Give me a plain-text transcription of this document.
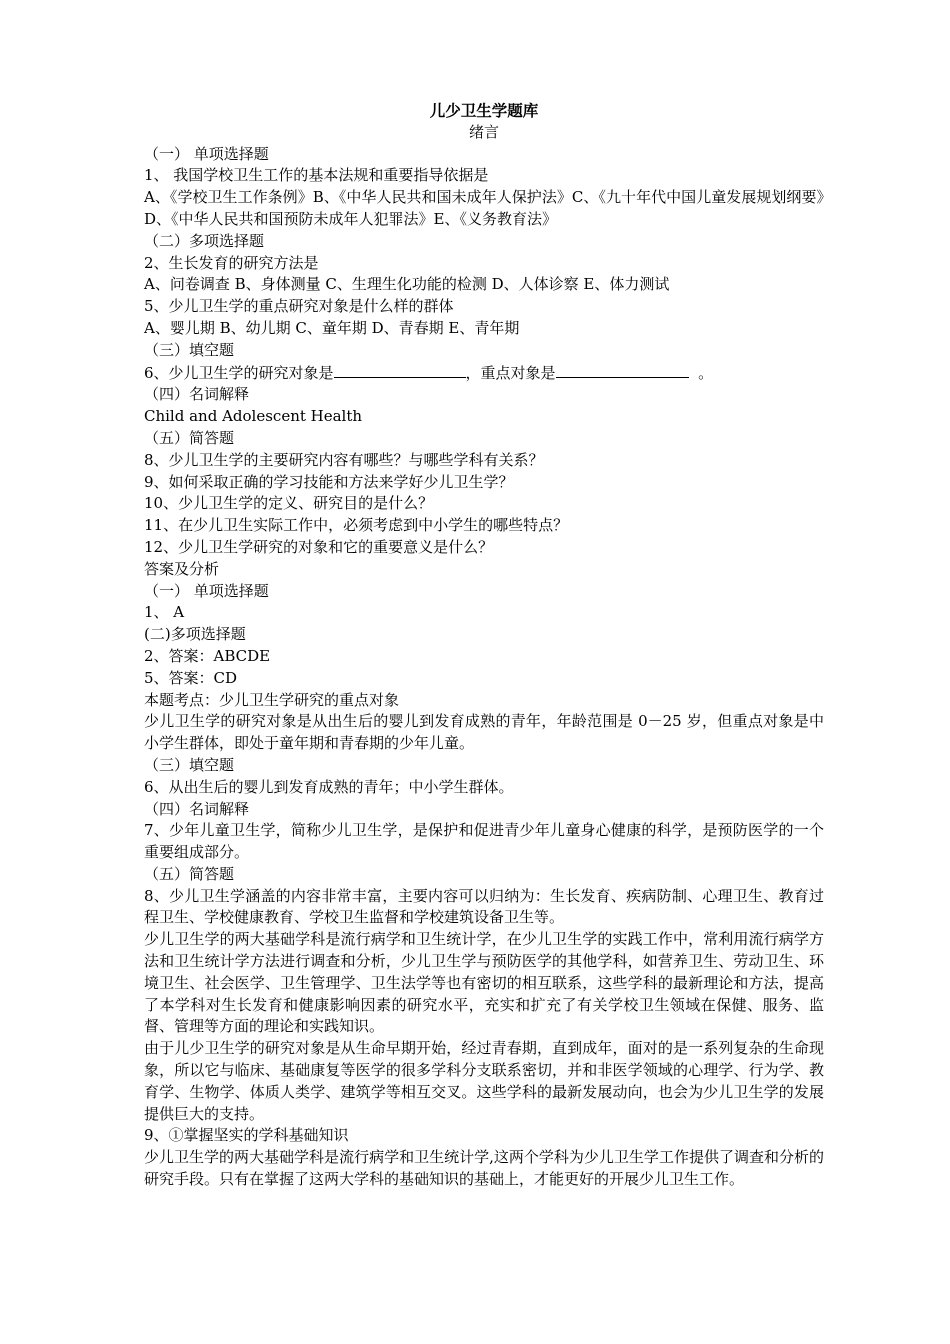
儿少卫生学题库
绪言
（一） 单项选择题
1、 我国学校卫生工作的基本法规和重要指导依据是
A、《学校卫生工作条例》B、《中华人民共和国未成年人保护法》C、《九十年代中国儿童发展规划纲要》D、《中华人民共和国预防未成年人犯罪法》E、《义务教育法》
（二）多项选择题
2、生长发育的研究方法是
A、问卷调查 B、身体测量 C、生理生化功能的检测 D、人体诊察 E、体力测试
5、少儿卫生学的重点研究对象是什么样的群体
A、婴儿期 B、幼儿期 C、童年期 D、青春期 E、青年期
（三）填空题
6、少儿卫生学的研究对象是	，重点对象是	。
（四）名词解释
Child and Adolescent Health
（五）简答题
8、少儿卫生学的主要研究内容有哪些？与哪些学科有关系？
9、如何采取正确的学习技能和方法来学好少儿卫生学？
10、少儿卫生学的定义、研究目的是什么？
11、在少儿卫生实际工作中，必须考虑到中小学生的哪些特点？
12、少儿卫生学研究的对象和它的重要意义是什么？
答案及分析
（一） 单项选择题
1、 A
(二)多项选择题
2、答案：ABCDE
5、答案：CD
本题考点：少儿卫生学研究的重点对象
少儿卫生学的研究对象是从出生后的婴儿到发育成熟的青年，年龄范围是 0－25 岁，但重点对象是中小学生群体，即处于童年期和青春期的少年儿童。
（三）填空题
6、从出生后的婴儿到发育成熟的青年；中小学生群体。
（四）名词解释
7、少年儿童卫生学，简称少儿卫生学，是保护和促进青少年儿童身心健康的科学，是预防医学的一个重要组成部分。
（五）简答题
8、少儿卫生学涵盖的内容非常丰富，主要内容可以归纳为：生长发育、疾病防制、心理卫生、教育过程卫生、学校健康教育、学校卫生监督和学校建筑设备卫生等。
少儿卫生学的两大基础学科是流行病学和卫生统计学，在少儿卫生学的实践工作中，常利用流行病学方法和卫生统计学方法进行调查和分析，少儿卫生学与预防医学的其他学科，如营养卫生、劳动卫生、环境卫生、社会医学、卫生管理学、卫生法学等也有密切的相互联系，这些学科的最新理论和方法，提高了本学科对生长发育和健康影响因素的研究水平，充实和扩充了有关学校卫生领域在保健、服务、监督、管理等方面的理论和实践知识。
由于儿少卫生学的研究对象是从生命早期开始，经过青春期，直到成年，面对的是一系列复杂的生命现象，所以它与临床、基础康复等医学的很多学科分支联系密切，并和非医学领域的心理学、行为学、教育学、生物学、体质人类学、建筑学等相互交叉。这些学科的最新发展动向，也会为少儿卫生学的发展提供巨大的支持。
9、①掌握坚实的学科基础知识
少儿卫生学的两大基础学科是流行病学和卫生统计学,这两个学科为少儿卫生学工作提供了调查和分析的研究手段。只有在掌握了这两大学科的基础知识的基础上，才能更好的开展少儿卫生工作。
